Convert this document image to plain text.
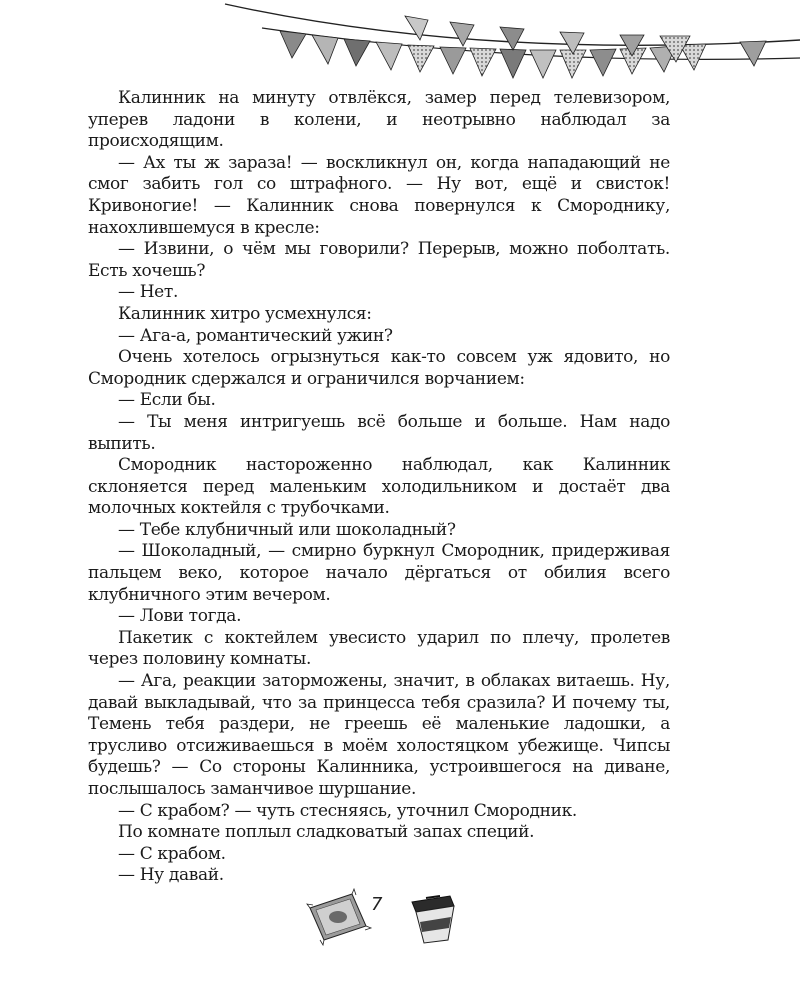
Калинник на минуту отвлёкся, замер перед телевизором, уперев ладони в колени, и неотрывно наблюдал за происходящим.

— Ах ты ж зараза! — воскликнул он, когда нападающий не смог забить гол со штрафного. — Ну вот, ещё и свисток! Кривоногие! — Калинник снова повернулся к Смороднику, нахохлившемуся в кресле:

— Извини, о чём мы говорили? Перерыв, можно поболтать. Есть хочешь?

— Нет.

Калинник хитро усмехнулся:

— Ага-а, романтический ужин?

Очень хотелось огрызнуться как-то совсем уж ядовито, но Смородник сдержался и ограничился ворчанием:

— Если бы.

— Ты меня интригуешь всё больше и больше. Нам надо выпить.

Смородник настороженно наблюдал, как Калинник склоняется перед маленьким холодильником и достаёт два молочных коктейля с трубочками.

— Тебе клубничный или шоколадный?

— Шоколадный, — смирно буркнул Смородник, придерживая пальцем веко, которое начало дёргаться от обилия всего клубничного этим вечером.

— Лови тогда.

Пакетик с коктейлем увесисто ударил по плечу, пролетев через половину комнаты.

— Ага, реакции заторможены, значит, в облаках витаешь. Ну, давай выкладывай, что за принцесса тебя сразила? И почему ты, Темень тебя раздери, не греешь её маленькие ладошки, а трусливо отсиживаешься в моём холостяцком убежище. Чипсы будешь? — Со стороны Калинника, устроившегося на диване, послышалось заманчивое шуршание.

— С крабом? — чуть стесняясь, уточнил Смородник.

По комнате поплыл сладковатый запах специй.

— С крабом.

— Ну давай.

7
